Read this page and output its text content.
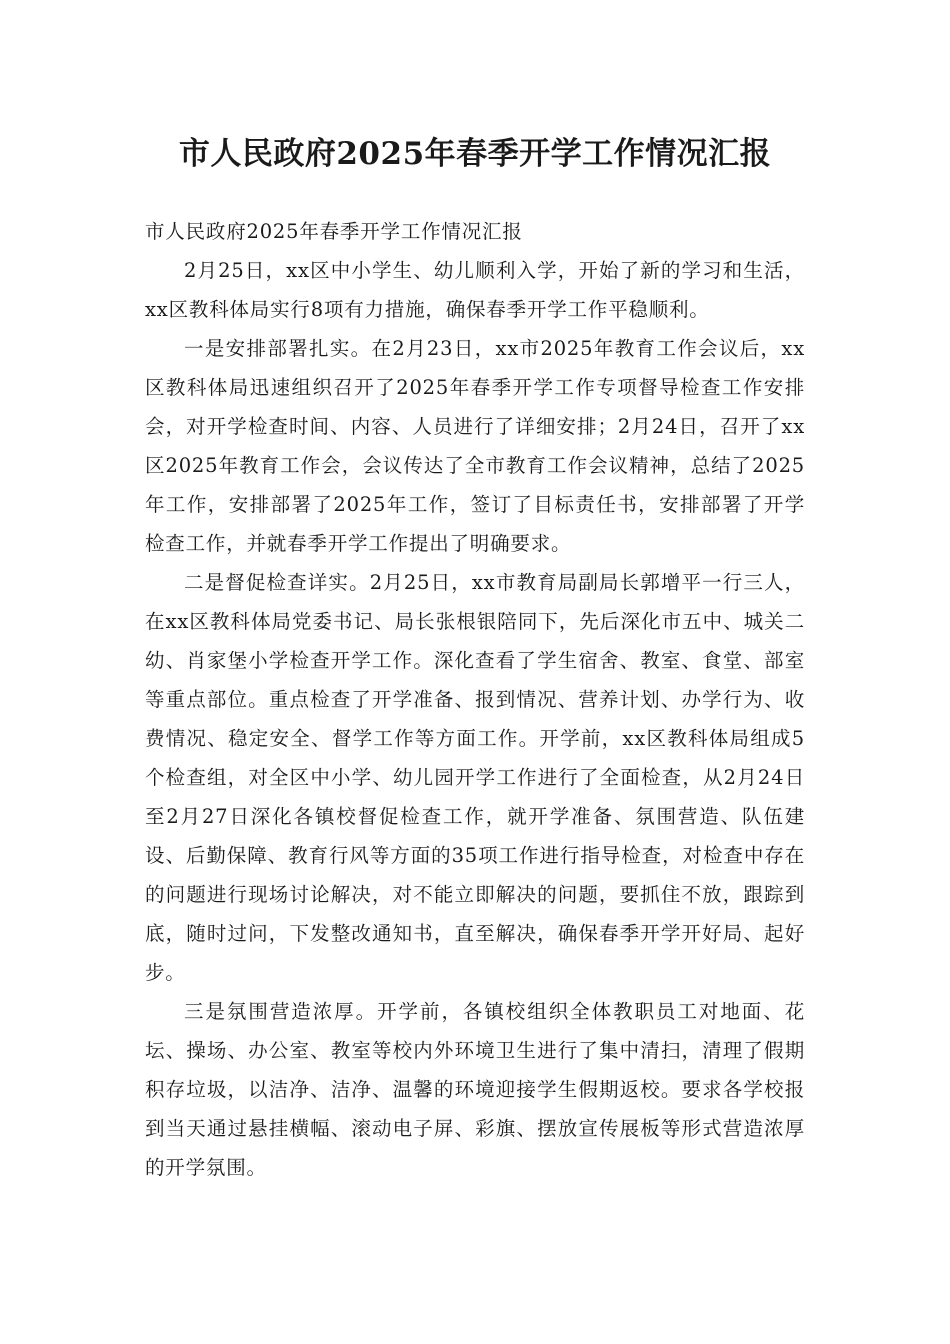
市人民政府2025年春季开学工作情况汇报

市人民政府2025年春季开学工作情况汇报

2月25日，xx区中小学生、幼儿顺利入学，开始了新的学习和生活，xx区教科体局实行8项有力措施，确保春季开学工作平稳顺利。

一是安排部署扎实。在2月23日，xx市2025年教育工作会议后，xx区教科体局迅速组织召开了2025年春季开学工作专项督导检查工作安排会，对开学检查时间、内容、人员进行了详细安排；2月24日，召开了xx区2025年教育工作会，会议传达了全市教育工作会议精神，总结了2025年工作，安排部署了2025年工作，签订了目标责任书，安排部署了开学检查工作，并就春季开学工作提出了明确要求。

二是督促检查详实。2月25日，xx市教育局副局长郭增平一行三人，在xx区教科体局党委书记、局长张根银陪同下，先后深化市五中、城关二幼、肖家堡小学检查开学工作。深化查看了学生宿舍、教室、食堂、部室等重点部位。重点检查了开学准备、报到情况、营养计划、办学行为、收费情况、稳定安全、督学工作等方面工作。开学前，xx区教科体局组成5个检查组，对全区中小学、幼儿园开学工作进行了全面检查，从2月24日至2月27日深化各镇校督促检查工作，就开学准备、氛围营造、队伍建设、后勤保障、教育行风等方面的35项工作进行指导检查，对检查中存在的问题进行现场讨论解决，对不能立即解决的问题，要抓住不放，跟踪到底，随时过问，下发整改通知书，直至解决，确保春季开学开好局、起好步。

三是氛围营造浓厚。开学前，各镇校组织全体教职员工对地面、花坛、操场、办公室、教室等校内外环境卫生进行了集中清扫，清理了假期积存垃圾，以洁净、洁净、温馨的环境迎接学生假期返校。要求各学校报到当天通过悬挂横幅、滚动电子屏、彩旗、摆放宣传展板等形式营造浓厚的开学氛围。
